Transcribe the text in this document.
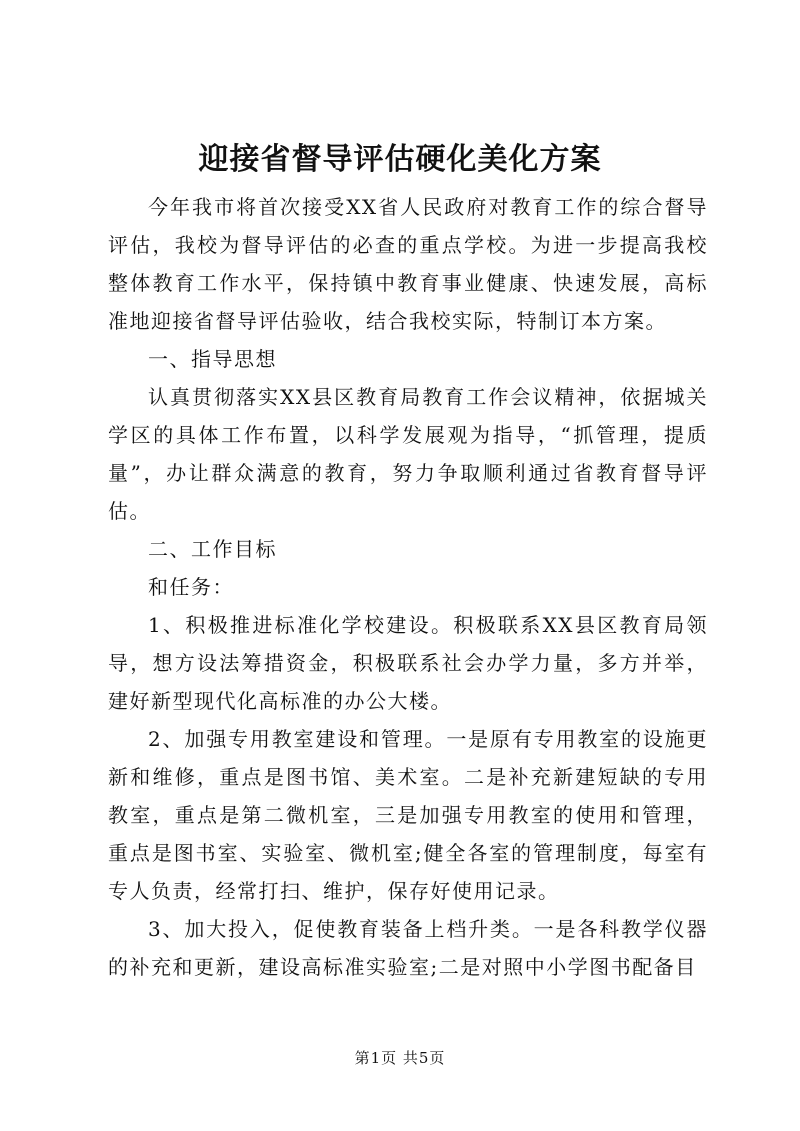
迎接省督导评估硬化美化方案

今年我市将首次接受XX省人民政府对教育工作的综合督导评估，我校为督导评估的必查的重点学校。为进一步提高我校整体教育工作水平，保持镇中教育事业健康、快速发展，高标准地迎接省督导评估验收，结合我校实际，特制订本方案。

一、指导思想

认真贯彻落实XX县区教育局教育工作会议精神，依据城关学区的具体工作布置，以科学发展观为指导，“抓管理，提质量”，办让群众满意的教育，努力争取顺利通过省教育督导评估。

二、工作目标

和任务：

1、积极推进标准化学校建设。积极联系XX县区教育局领导，想方设法筹措资金，积极联系社会办学力量，多方并举，建好新型现代化高标准的办公大楼。

2、加强专用教室建设和管理。一是原有专用教室的设施更新和维修，重点是图书馆、美术室。二是补充新建短缺的专用教室，重点是第二微机室，三是加强专用教室的使用和管理，重点是图书室、实验室、微机室;健全各室的管理制度，每室有专人负责，经常打扫、维护，保存好使用记录。

3、加大投入，促使教育装备上档升类。一是各科教学仪器的补充和更新，建设高标准实验室;二是对照中小学图书配备目

第1页 共5页
